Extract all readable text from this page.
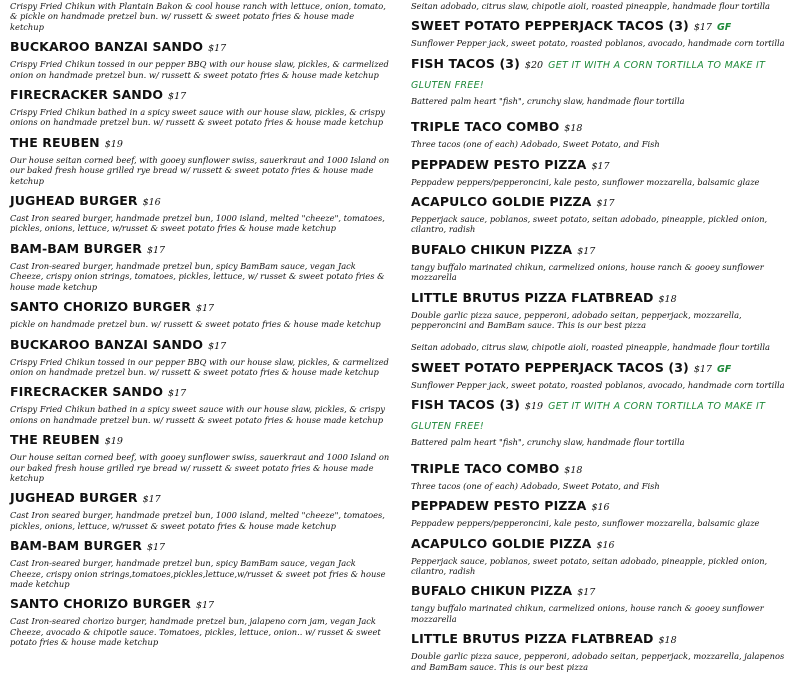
Crispy Fried Chikun with Plantain Bakon & cool house ranch with lettuce, onion, tomato, & pickle on handmade pretzel bun. w/ russett & sweet potato fries & house made ketchup
BUCKAROO BANZAI SANDO $17
Crispy Fried Chikun tossed in our pepper BBQ with our house slaw, pickles, & carmelized onion on handmade pretzel bun. w/ russett & sweet potato fries & house made ketchup
FIRECRACKER SANDO $17
Crispy Fried Chikun bathed in a spicy sweet sauce with our house slaw, pickles, & crispy onions on handmade pretzel bun. w/ russett & sweet potato fries & house made ketchup
THE REUBEN $19
Our house seitan corned beef, with gooey sunflower swiss, sauerkraut and 1000 Island on our baked fresh house grilled rye bread w/ russett & sweet potato fries & house made ketchup
JUGHEAD BURGER $16
Cast Iron seared burger, handmade pretzel bun, 1000 island, melted "cheeze", tomatoes, pickles, onions, lettuce, w/russet & sweet potato fries & house made ketchup
BAM-BAM BURGER $17
Cast Iron-seared burger, handmade pretzel bun, spicy BamBam sauce, vegan Jack Cheeze, crispy onion strings, tomatoes, pickles, lettuce, w/ russet & sweet potato fries & house made ketchup
SANTO CHORIZO BURGER $17
pickle on handmade pretzel bun. w/ russett & sweet potato fries & house made ketchup
BUCKAROO BANZAI SANDO $17
Crispy Fried Chikun tossed in our pepper BBQ with our house slaw, pickles, & carmelized onion on handmade pretzel bun. w/ russett & sweet potato fries & house made ketchup
FIRECRACKER SANDO $17
Crispy Fried Chikun bathed in a spicy sweet sauce with our house slaw, pickles, & crispy onions on handmade pretzel bun. w/ russett & sweet potato fries & house made ketchup
THE REUBEN $19
Our house seitan corned beef, with gooey sunflower swiss, sauerkraut and 1000 Island on our baked fresh house grilled rye bread w/ russett & sweet potato fries & house made ketchup
JUGHEAD BURGER $17
Cast Iron seared burger, handmade pretzel bun, 1000 island, melted "cheeze", tomatoes, pickles, onions, lettuce, w/russet & sweet potato fries & house made ketchup
BAM-BAM BURGER $17
Cast Iron-seared burger, handmade pretzel bun, spicy BamBam sauce, vegan Jack Cheeze, crispy onion strings,tomatoes,pickles,lettuce,w/russet & sweet pot fries & house made ketchup
SANTO CHORIZO BURGER $17
Cast Iron-seared chorizo burger, handmade pretzel bun, jalapeno corn jam, vegan Jack Cheeze, avocado & chipotle sauce. Tomatoes, pickles, lettuce, onion.. w/ russet & sweet potato fries & house made ketchup
Seitan adobado, citrus slaw, chipotle aioli, roasted pineapple, handmade flour tortilla
SWEET POTATO PEPPERJACK TACOS (3) $17 GF
Sunflower Pepper jack, sweet potato, roasted poblanos, avocado, handmade corn tortilla
FISH TACOS (3) $20 GET IT WITH A CORN TORTILLA TO MAKE IT GLUTEN FREE!
Battered palm heart "fish", crunchy slaw, handmade flour tortilla
TRIPLE TACO COMBO $18
Three tacos (one of each) Adobado, Sweet Potato, and Fish
PEPPADEW PESTO PIZZA $17
Peppadew peppers/pepperoncini, kale pesto, sunflower mozzarella, balsamic glaze
ACAPULCO GOLDIE PIZZA $17
Pepperjack sauce, poblanos, sweet potato, seitan adobado, pineapple, pickled onion, cilantro, radish
BUFALO CHIKUN PIZZA $17
tangy buffalo marinated chikun, carmelized onions, house ranch & gooey sunflower mozzarella
LITTLE BRUTUS PIZZA FLATBREAD $18
Double garlic pizza sauce, pepperoni, adobado seitan, pepperjack, mozzarella, pepperoncini and BamBam sauce. This is our best pizza
Seitan adobado, citrus slaw, chipotle aioli, roasted pineapple, handmade flour tortilla
SWEET POTATO PEPPERJACK TACOS (3) $17 GF
Sunflower Pepper jack, sweet potato, roasted poblanos, avocado, handmade corn tortilla
FISH TACOS (3) $19 GET IT WITH A CORN TORTILLA TO MAKE IT GLUTEN FREE!
Battered palm heart "fish", crunchy slaw, handmade flour tortilla
TRIPLE TACO COMBO $18
Three tacos (one of each) Adobado, Sweet Potato, and Fish
PEPPADEW PESTO PIZZA $16
Peppadew peppers/pepperoncini, kale pesto, sunflower mozzarella, balsamic glaze
ACAPULCO GOLDIE PIZZA $16
Pepperjack sauce, poblanos, sweet potato, seitan adobado, pineapple, pickled onion, cilantro, radish
BUFALO CHIKUN PIZZA $17
tangy buffalo marinated chikun, carmelized onions, house ranch & gooey sunflower mozzarella
LITTLE BRUTUS PIZZA FLATBREAD $18
Double garlic pizza sauce, pepperoni, adobado seitan, pepperjack, mozzarella, jalapenos and BamBam sauce. This is our best pizza
